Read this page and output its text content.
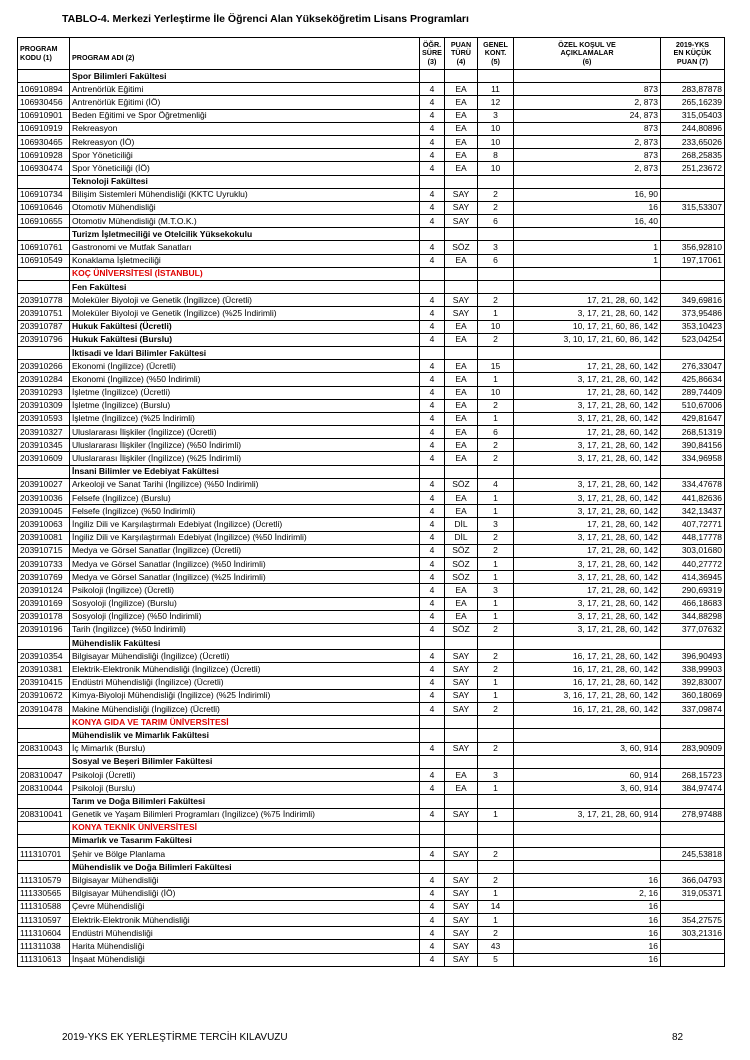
TABLO-4. Merkezi Yerleştirme İle Öğrenci Alan Yükseköğretim Lisans Programları
PROGRAM
KODU (1)	PROGRAM ADI (2)	ÖĞR.
SÜRE
(3)	PUAN
TÜRÜ
(4)	GENEL
KONT.
(5)	ÖZEL KOŞUL VE
AÇIKLAMALAR
(6)	2019-YKS
EN KÜÇÜK
PUAN (7)
	Spor Bilimleri Fakültesi					
106910894	Antrenörlük Eğitimi	4	EA	11	873	283,87878
106930456	Antrenörlük Eğitimi (İÖ)	4	EA	12	2, 873	265,16239
106910901	Beden Eğitimi ve Spor Öğretmenliği	4	EA	3	24, 873	315,05403
106910919	Rekreasyon	4	EA	10	873	244,80896
106930465	Rekreasyon (İÖ)	4	EA	10	2, 873	233,65026
106910928	Spor Yöneticiliği	4	EA	8	873	268,25835
106930474	Spor Yöneticiliği (İÖ)	4	EA	10	2, 873	251,23672
	Teknoloji Fakültesi					
106910734	Bilişim Sistemleri Mühendisliği (KKTC Uyruklu)	4	SAY	2	16, 90	
106910646	Otomotiv Mühendisliği	4	SAY	2	16	315,53307
106910655	Otomotiv Mühendisliği (M.T.O.K.)	4	SAY	6	16, 40	
	Turizm İşletmeciliği ve Otelcilik Yüksekokulu					
106910761	Gastronomi ve Mutfak Sanatları	4	SÖZ	3	1	356,92810
106910549	Konaklama İşletmeciliği	4	EA	6	1	197,17061
	KOÇ ÜNİVERSİTESİ (İSTANBUL)					
	Fen Fakültesi					
203910778	Moleküler Biyoloji ve Genetik (İngilizce) (Ücretli)	4	SAY	2	17, 21, 28, 60, 142	349,69816
203910751	Moleküler Biyoloji ve Genetik (İngilizce) (%25 İndirimli)	4	SAY	1	3, 17, 21, 28, 60, 142	373,95486
203910787	Hukuk Fakültesi (Ücretli)	4	EA	10	10, 17, 21, 60, 86, 142	353,10423
203910796	Hukuk Fakültesi (Burslu)	4	EA	2	3, 10, 17, 21, 60, 86, 142	523,04254
	İktisadi ve İdari Bilimler Fakültesi					
203910266	Ekonomi (İngilizce) (Ücretli)	4	EA	15	17, 21, 28, 60, 142	276,33047
203910284	Ekonomi (İngilizce) (%50 İndirimli)	4	EA	1	3, 17, 21, 28, 60, 142	425,86634
203910293	İşletme (İngilizce) (Ücretli)	4	EA	10	17, 21, 28, 60, 142	289,74409
203910309	İşletme (İngilizce) (Burslu)	4	EA	2	3, 17, 21, 28, 60, 142	510,67006
203910593	İşletme (İngilizce) (%25 İndirimli)	4	EA	1	3, 17, 21, 28, 60, 142	429,81647
203910327	Uluslararası İlişkiler (İngilizce) (Ücretli)	4	EA	6	17, 21, 28, 60, 142	268,51319
203910345	Uluslararası İlişkiler (İngilizce) (%50 İndirimli)	4	EA	2	3, 17, 21, 28, 60, 142	390,84156
203910609	Uluslararası İlişkiler (İngilizce) (%25 İndirimli)	4	EA	2	3, 17, 21, 28, 60, 142	334,96958
	İnsani Bilimler ve Edebiyat Fakültesi					
203910027	Arkeoloji ve Sanat Tarihi (İngilizce) (%50 İndirimli)	4	SÖZ	4	3, 17, 21, 28, 60, 142	334,47678
203910036	Felsefe (İngilizce) (Burslu)	4	EA	1	3, 17, 21, 28, 60, 142	441,82636
203910045	Felsefe (İngilizce) (%50 İndirimli)	4	EA	1	3, 17, 21, 28, 60, 142	342,13437
203910063	İngiliz Dili ve Karşılaştırmalı Edebiyat (İngilizce) (Ücretli)	4	DİL	3	17, 21, 28, 60, 142	407,72771
203910081	İngiliz Dili ve Karşılaştırmalı Edebiyat (İngilizce) (%50 İndirimli)	4	DİL	2	3, 17, 21, 28, 60, 142	448,17778
203910715	Medya ve Görsel Sanatlar (İngilizce) (Ücretli)	4	SÖZ	2	17, 21, 28, 60, 142	303,01680
203910733	Medya ve Görsel Sanatlar (İngilizce) (%50 İndirimli)	4	SÖZ	1	3, 17, 21, 28, 60, 142	440,27772
203910769	Medya ve Görsel Sanatlar (İngilizce) (%25 İndirimli)	4	SÖZ	1	3, 17, 21, 28, 60, 142	414,36945
203910124	Psikoloji (İngilizce) (Ücretli)	4	EA	3	17, 21, 28, 60, 142	290,69319
203910169	Sosyoloji (İngilizce) (Burslu)	4	EA	1	3, 17, 21, 28, 60, 142	466,18683
203910178	Sosyoloji (İngilizce) (%50 İndirimli)	4	EA	1	3, 17, 21, 28, 60, 142	344,88298
203910196	Tarih (İngilizce) (%50 İndirimli)	4	SÖZ	2	3, 17, 21, 28, 60, 142	377,07632
	Mühendislik Fakültesi					
203910354	Bilgisayar Mühendisliği (İngilizce) (Ücretli)	4	SAY	2	16, 17, 21, 28, 60, 142	396,90493
203910381	Elektrik-Elektronik Mühendisliği (İngilizce) (Ücretli)	4	SAY	2	16, 17, 21, 28, 60, 142	338,99903
203910415	Endüstri Mühendisliği (İngilizce) (Ücretli)	4	SAY	1	16, 17, 21, 28, 60, 142	392,83007
203910672	Kimya-Biyoloji Mühendisliği (İngilizce) (%25 İndirimli)	4	SAY	1	3, 16, 17, 21, 28, 60, 142	360,18069
203910478	Makine Mühendisliği (İngilizce) (Ücretli)	4	SAY	2	16, 17, 21, 28, 60, 142	337,09874
	KONYA GIDA VE TARIM ÜNİVERSİTESİ					
	Mühendislik ve Mimarlık Fakültesi					
208310043	İç Mimarlık (Burslu)	4	SAY	2	3, 60, 914	283,90909
	Sosyal ve Beşeri Bilimler Fakültesi					
208310047	Psikoloji (Ücretli)	4	EA	3	60, 914	268,15723
208310044	Psikoloji (Burslu)	4	EA	1	3, 60, 914	384,97474
	Tarım ve Doğa Bilimleri Fakültesi					
208310041	Genetik ve Yaşam Bilimleri Programları (İngilizce) (%75 İndirimli)	4	SAY	1	3, 17, 21, 28, 60, 914	278,97488
	KONYA TEKNİK ÜNİVERSİTESİ					
	Mimarlık ve Tasarım Fakültesi					
111310701	Şehir ve Bölge Planlama	4	SAY	2		245,53818
	Mühendislik ve Doğa Bilimleri Fakültesi					
111310579	Bilgisayar Mühendisliği	4	SAY	2	16	366,04793
111330565	Bilgisayar Mühendisliği (İÖ)	4	SAY	1	2, 16	319,05371
111310588	Çevre Mühendisliği	4	SAY	14	16	
111310597	Elektrik-Elektronik Mühendisliği	4	SAY	1	16	354,27575
111310604	Endüstri Mühendisliği	4	SAY	2	16	303,21316
111311038	Harita Mühendisliği	4	SAY	43	16	
111310613	İnşaat Mühendisliği	4	SAY	5	16	
2019-YKS EK YERLEŞTİRME TERCİH KILAVUZU	82
